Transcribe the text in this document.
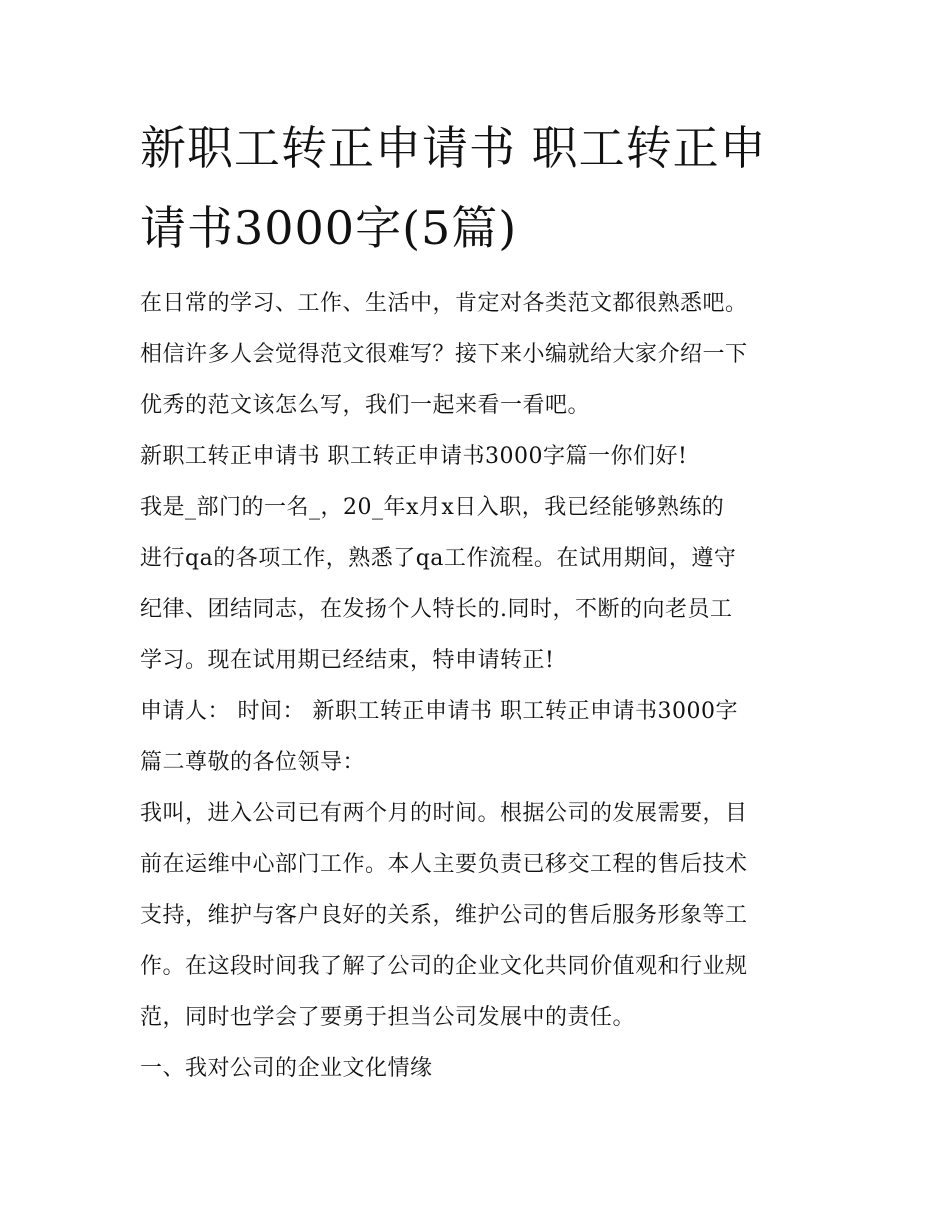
新职工转正申请书 职工转正申
请书3000字(5篇)

在日常的学习、工作、生活中，肯定对各类范文都很熟悉吧。

相信许多人会觉得范文很难写？接下来小编就给大家介绍一下

优秀的范文该怎么写，我们一起来看一看吧。

新职工转正申请书 职工转正申请书3000字篇一你们好!

我是_部门的一名_，20_年x月x日入职，我已经能够熟练的

进行qa的各项工作，熟悉了qa工作流程。在试用期间，遵守

纪律、团结同志，在发扬个人特长的.同时，不断的向老员工

学习。现在试用期已经结束，特申请转正!

申请人： 时间： 新职工转正申请书 职工转正申请书3000字

篇二尊敬的各位领导：

我叫，进入公司已有两个月的时间。根据公司的发展需要，目

前在运维中心部门工作。本人主要负责已移交工程的售后技术

支持，维护与客户良好的关系，维护公司的售后服务形象等工

作。在这段时间我了解了公司的企业文化共同价值观和行业规

范，同时也学会了要勇于担当公司发展中的责任。

一、我对公司的企业文化情缘
